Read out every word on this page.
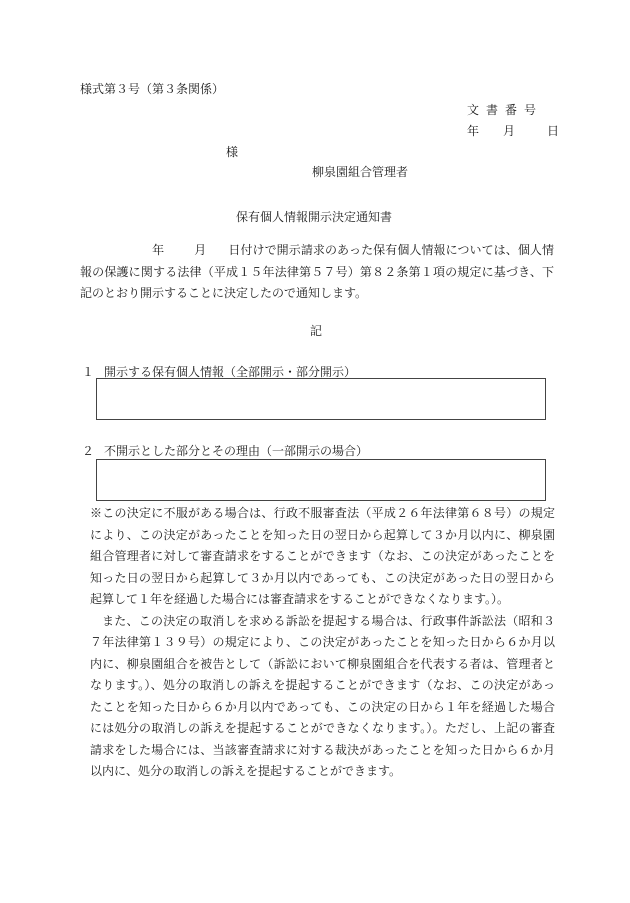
様式第３号（第３条関係）
文書番号
年 月	日
様
柳泉園組合管理者
保有個人情報開示決定通知書
年	月 日付けで開示請求のあった保有個人情報については、個人情報の保護に関する法律（平成１５年法律第５７号）第８２条第１項の規定に基づき、下記のとおり開示することに決定したので通知します。
記
１ 開示する保有個人情報（全部開示・部分開示）
２ 不開示とした部分とその理由（一部開示の場合）

※この決定に不服がある場合は、行政不服審査法（平成２６年法律第６８号）の規定により、この決定があったことを知った日の翌日から起算して３か月以内に、柳泉園組合管理者に対して審査請求をすることができます（なお、この決定があったことを知った日の翌日から起算して３か月以内であっても、この決定があった日の翌日から起算して１年を経過した場合には審査請求をすることができなくなります。）。

また、この決定の取消しを求める訴訟を提起する場合は、行政事件訴訟法（昭和３７年法律第１３９号）の規定により、この決定があったことを知った日から６か月以内に、柳泉園組合を被告として（訴訟において柳泉園組合を代表する者は、管理者となります。）、処分の取消しの訴えを提起することができます（なお、この決定があったことを知った日から６か月以内であっても、この決定の日から１年を経過した場合には処分の取消しの訴えを提起することができなくなります。）。ただし、上記の審査請求をした場合には、当該審査請求に対する裁決があったことを知った日から６か月以内に、処分の取消しの訴えを提起することができます。
